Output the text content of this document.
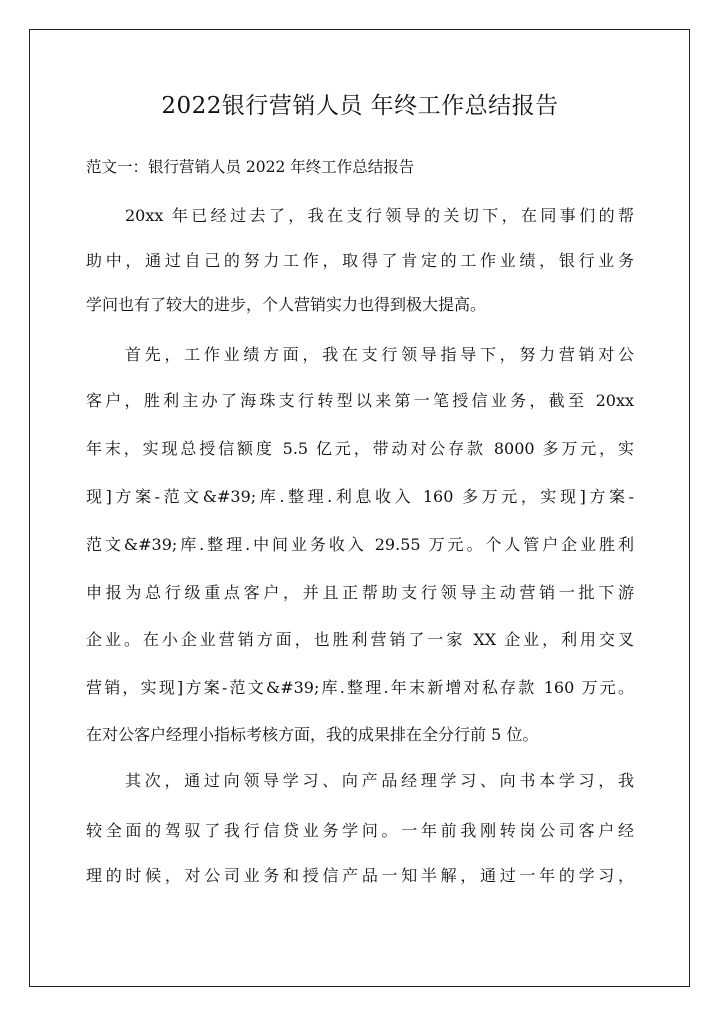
2022银行营销人员 年终工作总结报告

范文一：银行营销人员 2022 年终工作总结报告

20xx 年已经过去了，我在支行领导的关切下，在同事们的帮

助中，通过自己的努力工作，取得了肯定的工作业绩，银行业务

学问也有了较大的进步，个人营销实力也得到极大提高。

首先，工作业绩方面，我在支行领导指导下，努力营销对公

客户，胜利主办了海珠支行转型以来第一笔授信业务，截至 20xx

年末，实现总授信额度 5.5 亿元，带动对公存款 8000 多万元，实

现]方案-范文&#39;库.整理.利息收入 160 多万元，实现]方案-

范文&#39;库.整理.中间业务收入 29.55 万元。个人管户企业胜利

申报为总行级重点客户，并且正帮助支行领导主动营销一批下游

企业。在小企业营销方面，也胜利营销了一家 XX 企业，利用交叉

营销，实现]方案-范文&#39;库.整理.年末新增对私存款 160 万元。

在对公客户经理小指标考核方面，我的成果排在全分行前 5 位。

其次，通过向领导学习、向产品经理学习、向书本学习，我

较全面的驾驭了我行信贷业务学问。一年前我刚转岗公司客户经

理的时候，对公司业务和授信产品一知半解，通过一年的学习，
